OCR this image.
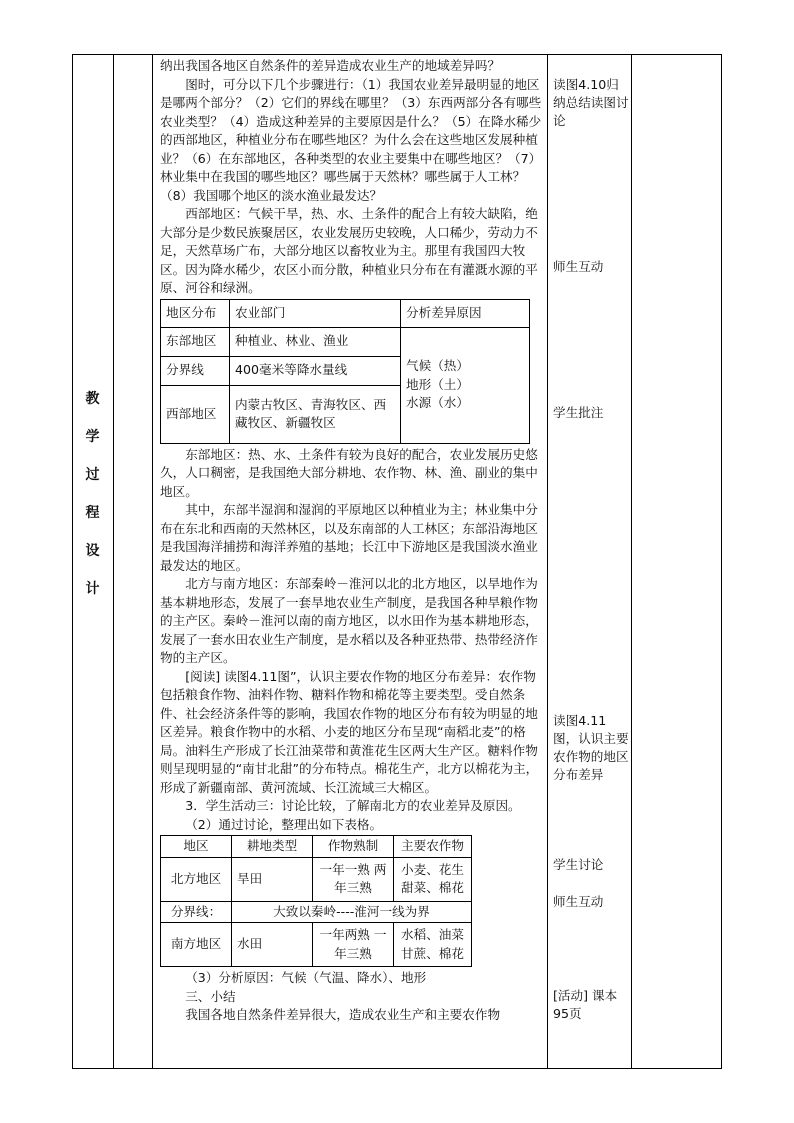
教
学
过
程
设
计

纳出我国各地区自然条件的差异造成农业生产的地域差异吗？

图时，可分以下几个步骤进行：（1）我国农业差异最明显的地区是哪两个部分？（2）它们的界线在哪里？（3）东西两部分各有哪些农业类型？（4）造成这种差异的主要原因是什么？（5）在降水稀少的西部地区，种植业分布在哪些地区？为什么会在这些地区发展种植业？（6）在东部地区，各种类型的农业主要集中在哪些地区？（7）林业集中在我国的哪些地区？哪些属于天然林？哪些属于人工林？（8）我国哪个地区的淡水渔业最发达？

西部地区：气候干旱，热、水、土条件的配合上有较大缺陷，绝大部分是少数民族聚居区，农业发展历史较晚，人口稀少，劳动力不足，天然草场广布，大部分地区以畜牧业为主。那里有我国四大牧区。因为降水稀少，农区小而分散，种植业只分布在有灌溉水源的平原、河谷和绿洲。

地区分布	农业部门	分析差异原因
东部地区	种植业、林业、渔业	气候（热）
地形（土）
水源（水）

分界线	400毫米等降水量线	
西部地区	内蒙古牧区、青海牧区、西藏牧区、新疆牧区	

东部地区：热、水、土条件有较为良好的配合，农业发展历史悠久，人口稠密，是我国绝大部分耕地、农作物、林、渔、副业的集中地区。

其中，东部半湿润和湿润的平原地区以种植业为主；林业集中分布在东北和西南的天然林区，以及东南部的人工林区；东部沿海地区是我国海洋捕捞和海洋养殖的基地；长江中下游地区是我国淡水渔业最发达的地区。

北方与南方地区：东部秦岭－淮河以北的北方地区，以旱地作为基本耕地形态，发展了一套旱地农业生产制度，是我国各种旱粮作物的主产区。秦岭－淮河以南的南方地区，以水田作为基本耕地形态，发展了一套水田农业生产制度，是水稻以及各种亚热带、热带经济作物的主产区。

[阅读] 读图4.11图”，认识主要农作物的地区分布差异：农作物包括粮食作物、油料作物、糖料作物和棉花等主要类型。受自然条件、社会经济条件等的影响，我国农作物的地区分布有较为明显的地区差异。粮食作物中的水稻、小麦的地区分布呈现“南稻北麦”的格局。油料生产形成了长江油菜带和黄淮花生区两大生产区。糖料作物则呈现明显的“南甘北甜”的分布特点。棉花生产，北方以棉花为主，形成了新疆南部、黄河流域、长江流域三大棉区。

3．学生活动三：讨论比较，了解南北方的农业差异及原因。

（2）通过讨论，整理出如下表格。

地区	耕地类型	作物熟制	主要农作物
北方地区	旱田	一年一熟 两年三熟	小麦、花生 甜菜、棉花
分界线：	大致以秦岭----淮河一线为界		
南方地区	水田	一年两熟 一年三熟	水稻、油菜 甘蔗、棉花

（3）分析原因：气候（气温、降水）、地形

三、小结

我国各地自然条件差异很大，造成农业生产和主要农作物

读图4.10归纳总结读图讨论
师生互动
学生批注
读图4.11图，认识主要农作物的地区分布差异
学生讨论
师生互动
[活动] 课本95页
